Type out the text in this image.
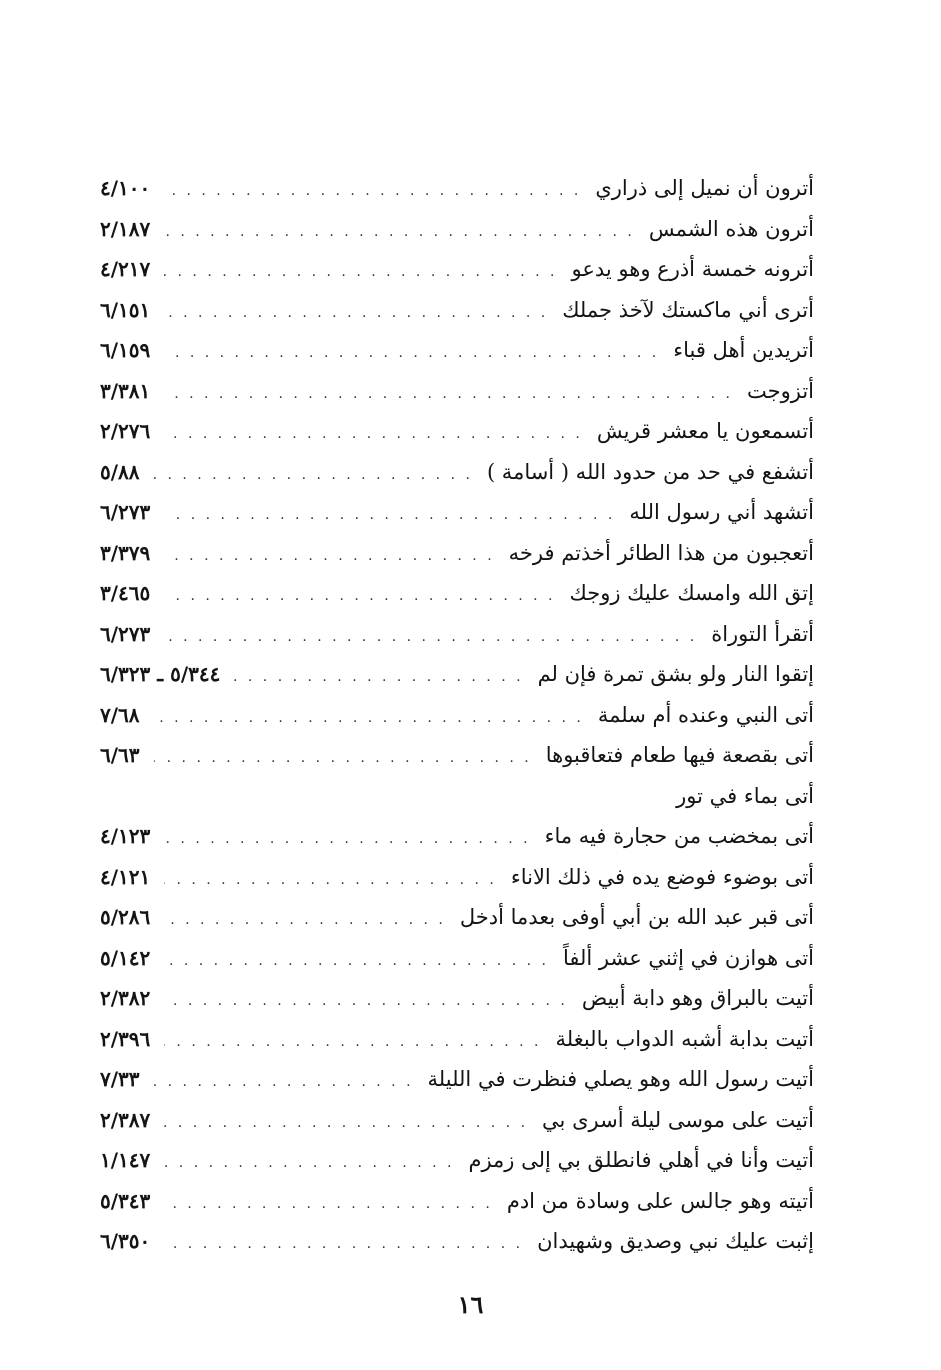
أترون أن نميل إلى ذراري
. . .
٤/١٠٠
أترون هذه الشمس
. . .
٢/١٨٧
أترونه خمسة أذرع وهو يدعو
. . .
٤/٢١٧
أترى أني ماكستك لآخذ جملك
. . .
٦/١٥١
أتريدين أهل قباء
. . .
٦/١٥٩
أتزوجت
. . .
٣/٣٨١
أتسمعون يا معشر قريش
. . .
٢/٢٧٦
أتشفع في حد من حدود الله ( أسامة )
. . .
٥/٨٨
أتشهد أني رسول الله
. . .
٦/٢٧٣
أتعجبون من هذا الطائر أخذتم فرخه
. . .
٣/٣٧٩
إتق الله وامسك عليك زوجك
. . .
٣/٤٦٥
أتقرأ التوراة
. . .
٦/٢٧٣
إتقوا النار ولو بشق تمرة فإن لم
. . .
٥/٣٤٤ ـ ٦/٣٢٣
أتى النبي وعنده أم سلمة
. . .
٧/٦٨
أتى بقصعة فيها طعام فتعاقبوها
. . .
٦/٦٣
أتى بماء في تور
أتى بمخضب من حجارة فيه ماء
. . .
٤/١٢٣
أتى بوضوء فوضع يده في ذلك الاناء
. . .
٤/١٢١
أتى قبر عبد الله بن أبي أوفى بعدما أدخل
. . .
٥/٢٨٦
أتى هوازن في إثني عشر ألفاً
. . .
٥/١٤٢
أتيت بالبراق وهو دابة أبيض
. . .
٢/٣٨٢
أتيت بدابة أشبه الدواب بالبغلة
. . .
٢/٣٩٦
أتيت رسول الله وهو يصلي فنظرت في الليلة
. . .
٧/٣٣
أتيت على موسى ليلة أسرى بي
. . .
٢/٣٨٧
أتيت وأنا في أهلي فانطلق بي إلى زمزم
. . .
١/١٤٧
أتيته وهو جالس على وسادة من ادم
. . .
٥/٣٤٣
إثبت عليك نبي وصديق وشهيدان
. . .
٦/٣٥٠
١٦
